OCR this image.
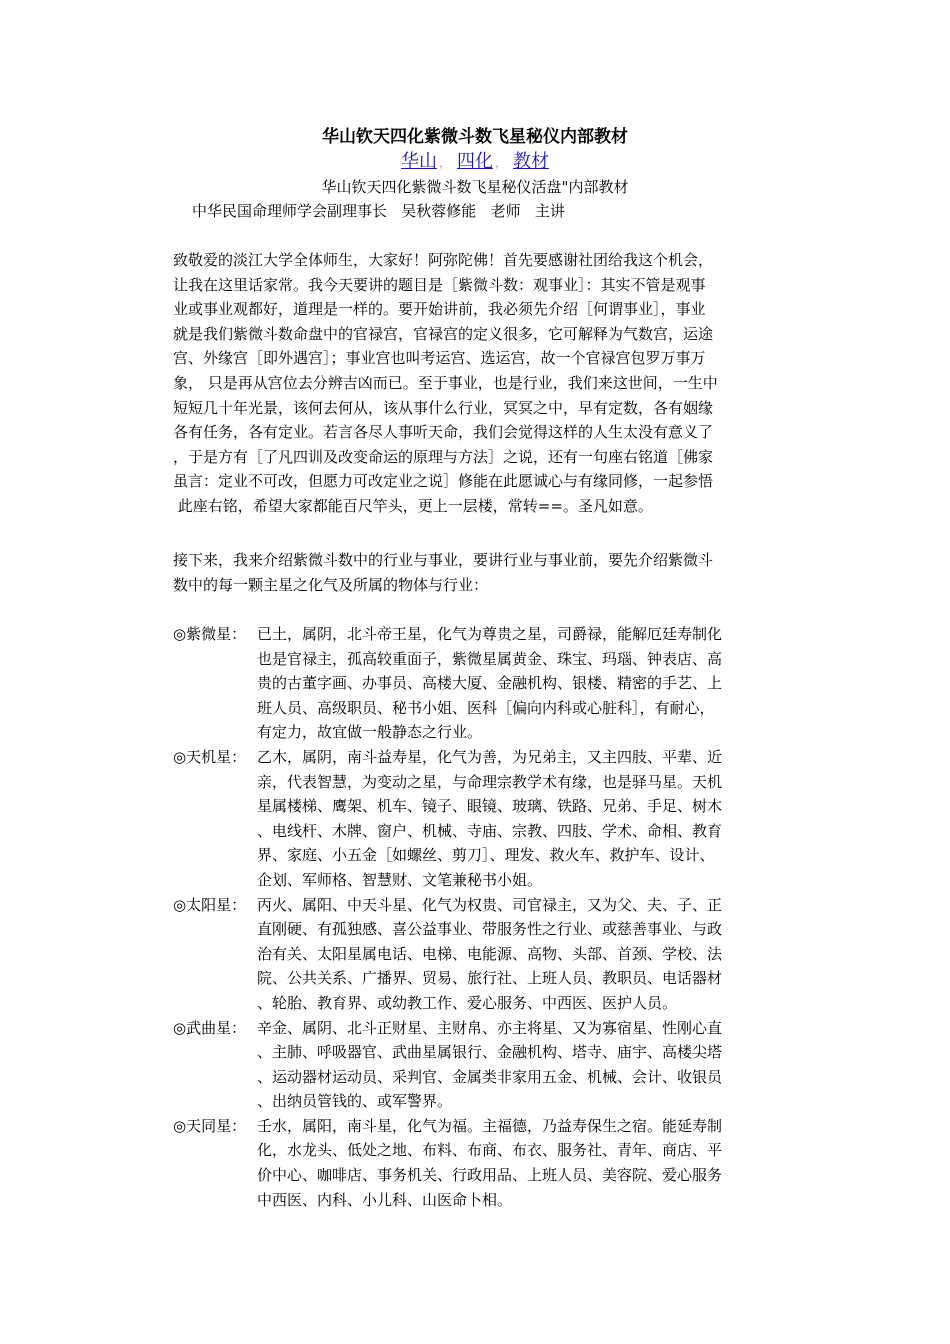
华山钦天四化紫微斗数飞星秘仪内部教材
华山 ， 四化 ， 教材
华山钦天四化紫微斗数飞星秘仪活盘"内部教材
中华民国命理师学会副理事长   吴秋蓉修能   老师   主讲
致敬爱的淡江大学全体师生，大家好！阿弥陀佛！首先要感谢社团给我这个机会，
让我在这里话家常。我今天要讲的题目是［紫微斗数：观事业］：其实不管是观事
业或事业观都好，道理是一样的。要开始讲前，我必须先介绍［何谓事业］，事业
就是我们紫微斗数命盘中的官禄宫，官禄宫的定义很多，它可解释为气数宫，运途
宫、外缘宫［即外遇宫］；事业宫也叫考运宫、选运宫，故一个官禄宫包罗万事万
象， 只是再从宫位去分辨吉凶而已。至于事业，也是行业，我们来这世间，一生中
短短几十年光景，该何去何从，该从事什么行业，冥冥之中，早有定数，各有姻缘
各有任务，各有定业。若言各尽人事听天命，我们会觉得这样的人生太没有意义了
，于是方有［了凡四训及改变命运的原理与方法］之说，还有一句座右铭道［佛家
虽言：定业不可改，但愿力可改定业之说］修能在此愿诚心与有缘同修，一起参悟
此座右铭，希望大家都能百尺竿头，更上一层楼，常转==。圣凡如意。
接下来，我来介绍紫微斗数中的行业与事业，要讲行业与事业前，要先介绍紫微斗
数中的每一颗主星之化气及所属的物体与行业：
◎紫微星： 已土，属阴，北斗帝王星，化气为尊贵之星，司爵禄，能解厄廷寿制化
也是官禄主，孤高较重面子，紫微星属黄金、珠宝、玛瑙、钟表店、高
贵的古董字画、办事员、高楼大厦、金融机构、银楼、精密的手艺、上
班人员、高级职员、秘书小姐、医科［偏向内科或心脏科］，有耐心，
有定力，故宜做一般静态之行业。
◎天机星： 乙木，属阴，南斗益寿星，化气为善，为兄弟主，又主四肢、平辈、近
亲，代表智慧，为变动之星，与命理宗教学术有缘，也是驿马星。天机
星属楼梯、鹰架、机车、镜子、眼镜、玻璃、铁路、兄弟、手足、树木
、电线杆、木牌、窗户、机械、寺庙、宗教、四肢、学术、命相、教育
界、家庭、小五金［如螺丝、剪刀］、理发、救火车、救护车、设计、
企划、军师格、智慧财、文笔兼秘书小姐。
◎太阳星： 丙火、属阳、中天斗星、化气为权贵、司官禄主，又为父、夫、子、正
直刚硬、有孤独感、喜公益事业、带服务性之行业、或慈善事业、与政
治有关、太阳星属电话、电梯、电能源、高物、头部、首颈、学校、法
院、公共关系、广播界、贸易、旅行社、上班人员、教职员、电话器材
、轮胎、教育界、或幼教工作、爱心服务、中西医、医护人员。
◎武曲星： 辛金、属阴、北斗正财星、主财帛、亦主将星、又为寡宿星、性刚心直
、主肺、呼吸器官、武曲星属银行、金融机构、塔寺、庙宇、高楼尖塔
、运动器材运动员、采判官、金属类非家用五金、机械、会计、收银员
、出纳员管钱的、或军警界。
◎天同星： 壬水，属阳，南斗星，化气为福。主福德，乃益寿保生之宿。能延寿制
化，水龙头、低处之地、布料、布商、布衣、服务社、青年、商店、平
价中心、咖啡店、事务机关、行政用品、上班人员、美容院、爱心服务
中西医、内科、小儿科、山医命卜相。
